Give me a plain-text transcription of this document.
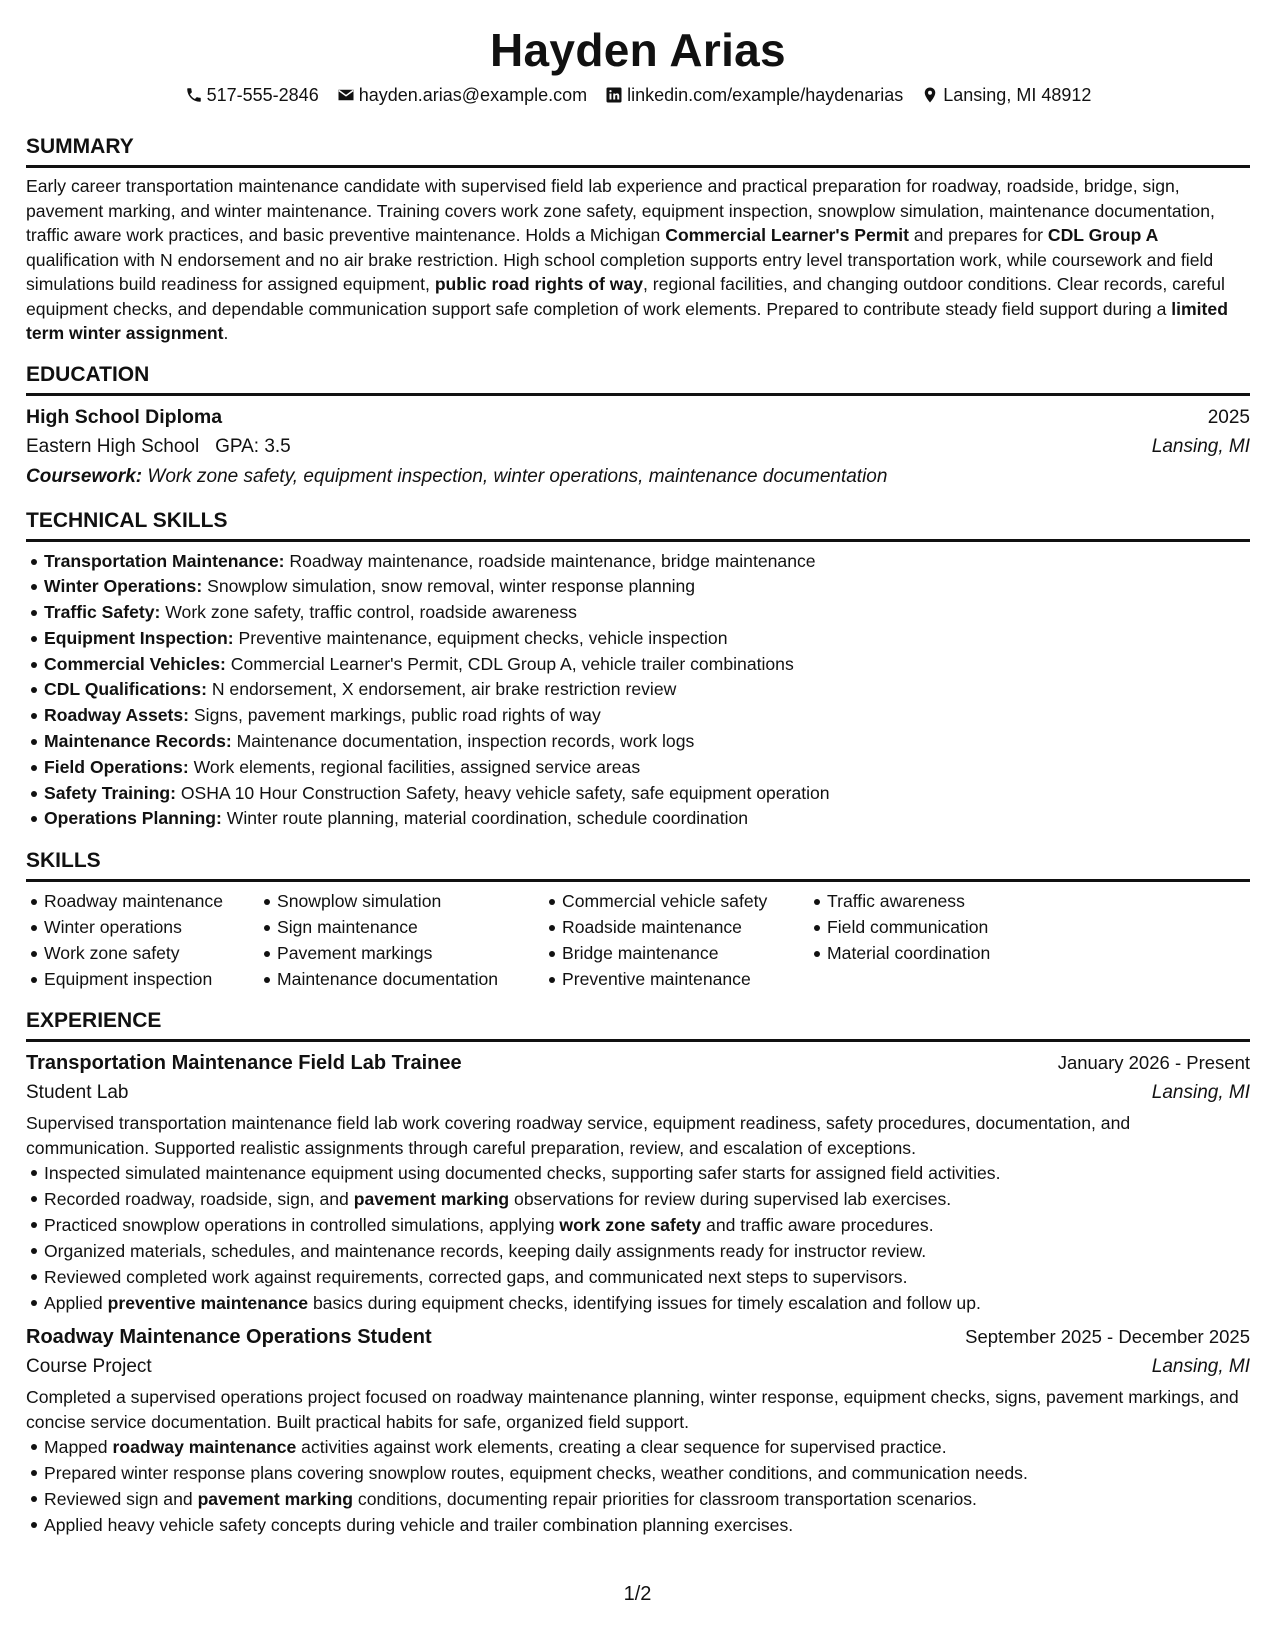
Hayden Arias
517-555-2846 hayden.arias@example.com linkedin.com/example/haydenarias Lansing, MI 48912
SUMMARY

Early career transportation maintenance candidate with supervised field lab experience and practical preparation for roadway, roadside, bridge, sign, pavement marking, and winter maintenance. Training covers work zone safety, equipment inspection, snowplow simulation, maintenance documentation, traffic aware work practices, and basic preventive maintenance. Holds a Michigan Commercial Learner's Permit and prepares for CDL Group A qualification with N endorsement and no air brake restriction. High school completion supports entry level transportation work, while coursework and field simulations build readiness for assigned equipment, public road rights of way, regional facilities, and changing outdoor conditions. Clear records, careful equipment checks, and dependable communication support safe completion of work elements. Prepared to contribute steady field support during a limited term winter assignment.

EDUCATION
High School Diploma	2025
Eastern High School GPA: 3.5	Lansing, MI
Coursework: Work zone safety, equipment inspection, winter operations, maintenance documentation
TECHNICAL SKILLS
Transportation Maintenance: Roadway maintenance, roadside maintenance, bridge maintenance
Winter Operations: Snowplow simulation, snow removal, winter response planning
Traffic Safety: Work zone safety, traffic control, roadside awareness
Equipment Inspection: Preventive maintenance, equipment checks, vehicle inspection
Commercial Vehicles: Commercial Learner's Permit, CDL Group A, vehicle trailer combinations
CDL Qualifications: N endorsement, X endorsement, air brake restriction review
Roadway Assets: Signs, pavement markings, public road rights of way
Maintenance Records: Maintenance documentation, inspection records, work logs
Field Operations: Work elements, regional facilities, assigned service areas
Safety Training: OSHA 10 Hour Construction Safety, heavy vehicle safety, safe equipment operation
Operations Planning: Winter route planning, material coordination, schedule coordination
SKILLS
Roadway maintenance
Winter operations
Work zone safety
Equipment inspection
Snowplow simulation
Sign maintenance
Pavement markings
Maintenance documentation
Commercial vehicle safety
Roadside maintenance
Bridge maintenance
Preventive maintenance
Traffic awareness
Field communication
Material coordination
EXPERIENCE
Transportation Maintenance Field Lab Trainee	January 2026 - Present
Student Lab	Lansing, MI

Supervised transportation maintenance field lab work covering roadway service, equipment readiness, safety procedures, documentation, and communication. Supported realistic assignments through careful preparation, review, and escalation of exceptions.

Inspected simulated maintenance equipment using documented checks, supporting safer starts for assigned field activities.
Recorded roadway, roadside, sign, and pavement marking observations for review during supervised lab exercises.
Practiced snowplow operations in controlled simulations, applying work zone safety and traffic aware procedures.
Organized materials, schedules, and maintenance records, keeping daily assignments ready for instructor review.
Reviewed completed work against requirements, corrected gaps, and communicated next steps to supervisors.
Applied preventive maintenance basics during equipment checks, identifying issues for timely escalation and follow up.
Roadway Maintenance Operations Student	September 2025 - December 2025
Course Project	Lansing, MI

Completed a supervised operations project focused on roadway maintenance planning, winter response, equipment checks, signs, pavement markings, and concise service documentation. Built practical habits for safe, organized field support.

Mapped roadway maintenance activities against work elements, creating a clear sequence for supervised practice.
Prepared winter response plans covering snowplow routes, equipment checks, weather conditions, and communication needs.
Reviewed sign and pavement marking conditions, documenting repair priorities for classroom transportation scenarios.
Applied heavy vehicle safety concepts during vehicle and trailer combination planning exercises.
1/2
